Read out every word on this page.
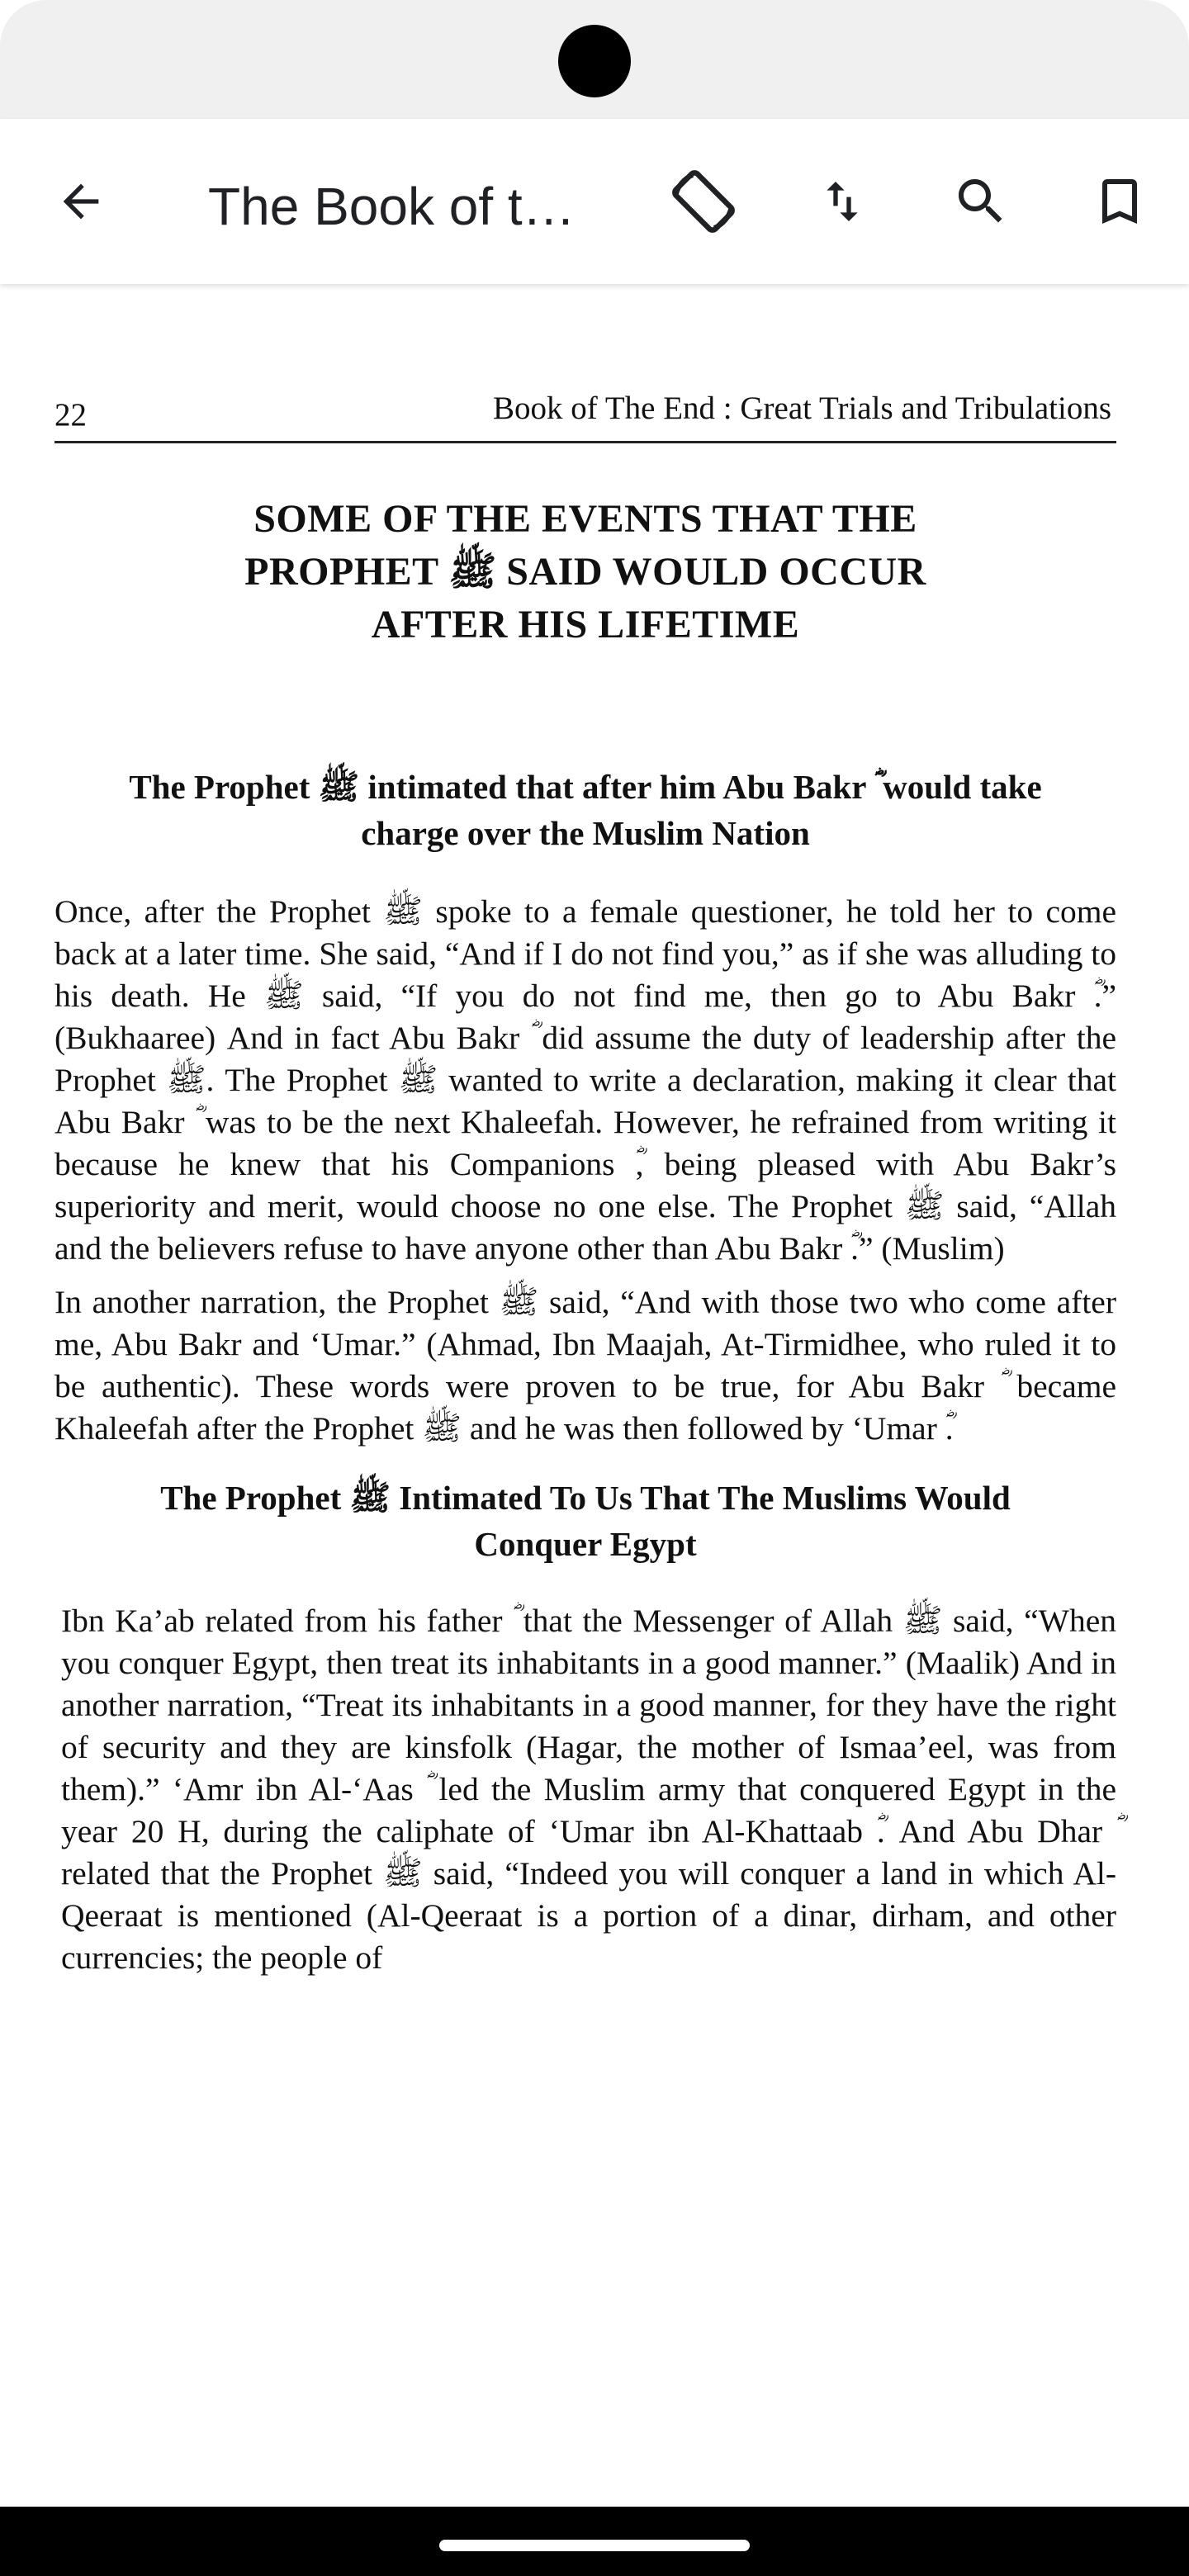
The Book of t…
22	Book of The End : Great Trials and Tribulations
SOME OF THE EVENTS THAT THE PROPHET ﷺ SAID WOULD OCCUR AFTER HIS LIFETIME
The Prophet ﷺ intimated that after him Abu Bakr ؓ would take charge over the Muslim Nation

Once, after the Prophet ﷺ spoke to a female questioner, he told her to come back at a later time. She said, “And if I do not find you,” as if she was alluding to his death. He ﷺ said, “If you do not find me, then go to Abu Bakr ؓ.” (Bukhaaree) And in fact Abu Bakr ؓ did assume the duty of leadership after the Prophet ﷺ. The Prophet ﷺ wanted to write a declaration, making it clear that Abu Bakr ؓ was to be the next Khaleefah. However, he refrained from writing it because he knew that his Companions ؓ, being pleased with Abu Bakr’s superiority and merit, would choose no one else. The Prophet ﷺ said, “Allah and the believers refuse to have anyone other than Abu Bakr ؓ.” (Muslim)

In another narration, the Prophet ﷺ said, “And with those two who come after me, Abu Bakr and ‘Umar.” (Ahmad, Ibn Maajah, At-Tirmidhee, who ruled it to be authentic). These words were proven to be true, for Abu Bakr ؓ became Khaleefah after the Prophet ﷺ and he was then followed by ‘Umar ؓ.

The Prophet ﷺ Intimated To Us That The Muslims Would Conquer Egypt

Ibn Ka’ab related from his father ؓ that the Messenger of Allah ﷺ said, “When you conquer Egypt, then treat its inhabitants in a good manner.” (Maalik) And in another narration, “Treat its inhabitants in a good manner, for they have the right of security and they are kinsfolk (Hagar, the mother of Ismaa’eel, was from them).” ‘Amr ibn Al-‘Aas ؓ led the Muslim army that conquered Egypt in the year 20 H, during the caliphate of ‘Umar ibn Al-Khattaab ؓ. And Abu Dhar ؓ related that the Prophet ﷺ said, “Indeed you will conquer a land in which Al-Qeeraat is mentioned (Al-Qeeraat is a portion of a dinar, dirham, and other currencies; the people of
